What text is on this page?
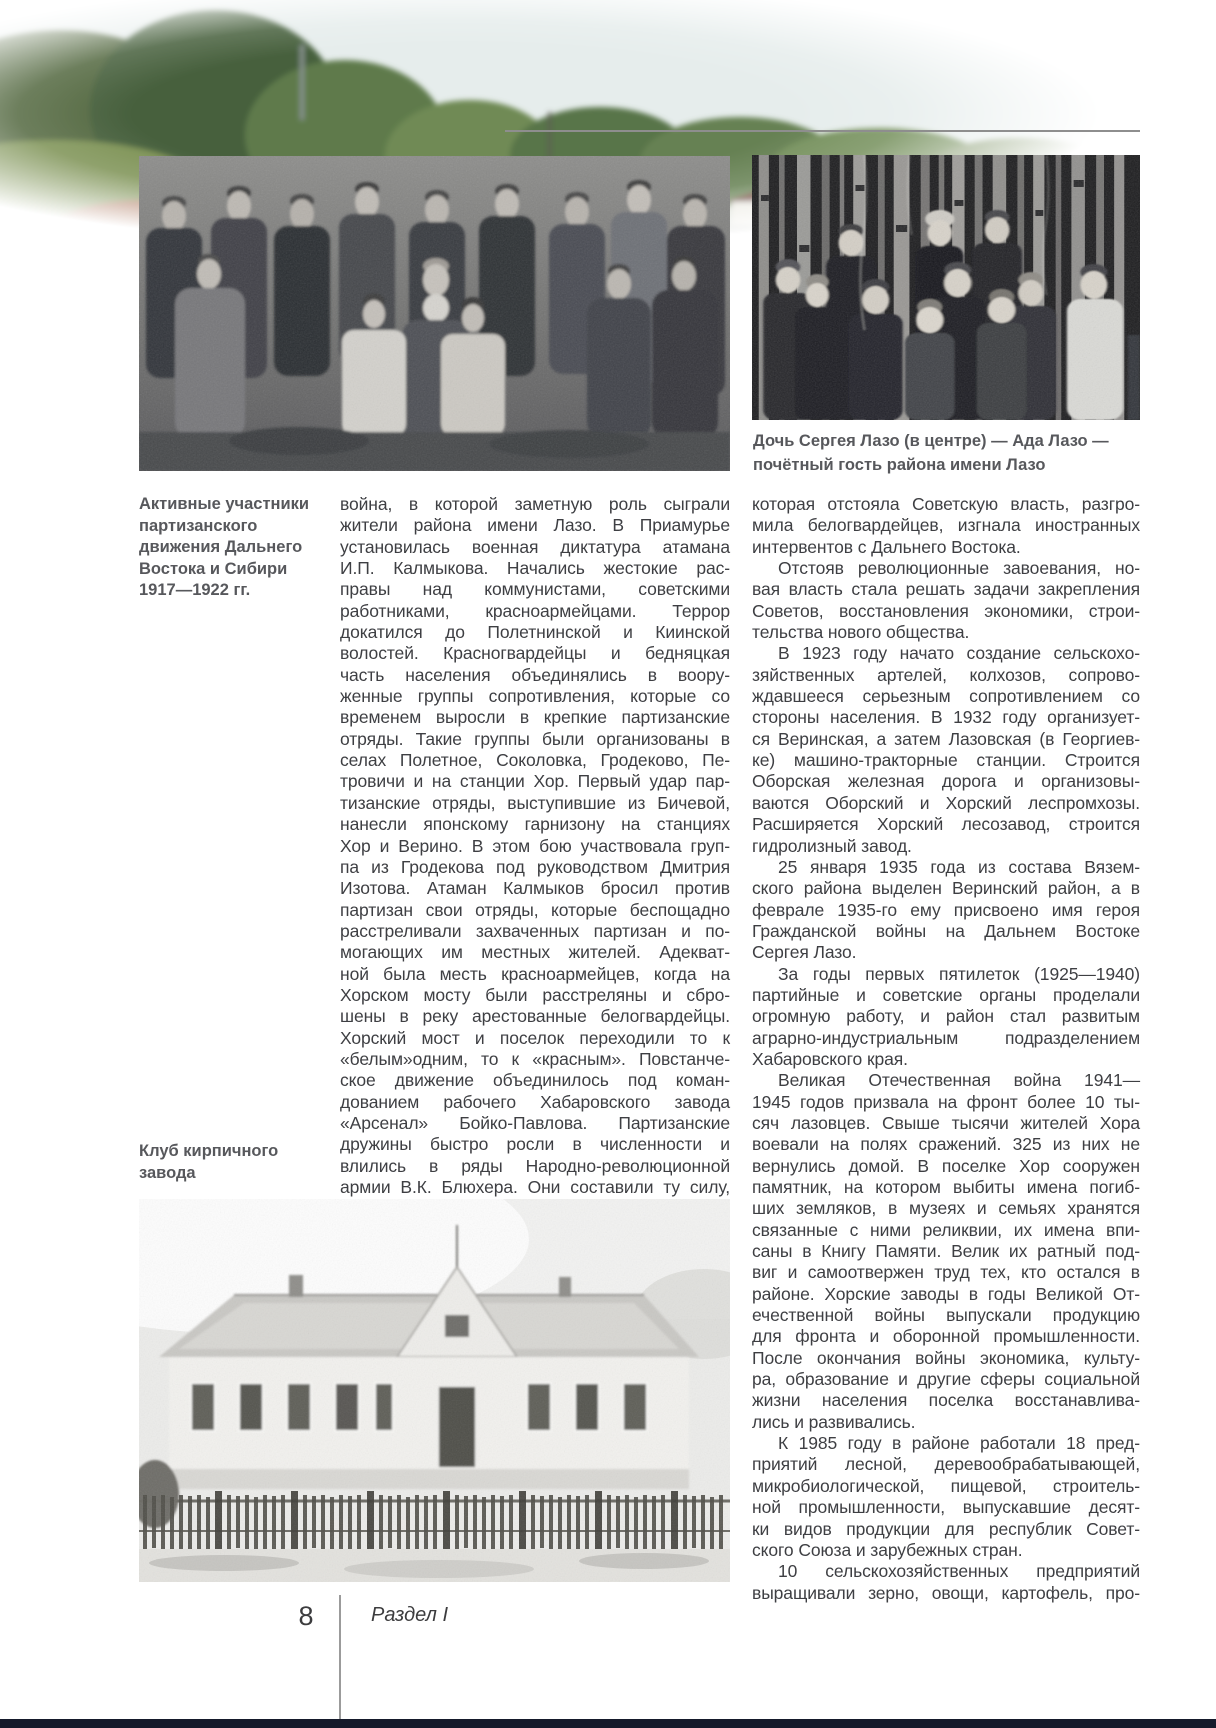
Дочь Сергея Лазо (в центре) — Ада Лазо —
почётный гость района имени Лазо
Активные участники
партизанского
движения Дальнего
Востока и Сибири
1917—1922 гг.
война, в которой заметную роль сыграли
жители района имени Лазо. В Приамурье
установилась военная диктатура атамана
И.П. Калмыкова. Начались жестокие рас-
правы над коммунистами, советскими
работниками, красноармейцами. Террор
докатился до Полетнинской и Киинской
волостей. Красногвардейцы и бедняцкая
часть населения объединялись в воору-
женные группы сопротивления, которые со
временем выросли в крепкие партизанские
отряды. Такие группы были организованы в
селах Полетное, Соколовка, Гродеково, Пе-
тровичи и на станции Хор. Первый удар пар-
тизанские отряды, выступившие из Бичевой,
нанесли японскому гарнизону на станциях
Хор и Верино. В этом бою участвовала груп-
па из Гродекова под руководством Дмитрия
Изотова. Атаман Калмыков бросил против
партизан свои отряды, которые беспощадно
расстреливали захваченных партизан и по-
могающих им местных жителей. Адекват-
ной была месть красноармейцев, когда на
Хорском мосту были расстреляны и сбро-
шены в реку арестованные белогвардейцы.
Хорский мост и поселок переходили то к
«белым»одним, то к «красным». Повстанче-
ское движение объединилось под коман-
дованием рабочего Хабаровского завода
«Арсенал» Бойко-Павлова. Партизанские
дружины быстро росли в численности и
влились в ряды Народно-революционной
армии В.К. Блюхера. Они составили ту силу,
которая отстояла Советскую власть, разгро-
мила белогвардейцев, изгнала иностранных
интервентов с Дальнего Востока.
Отстояв революционные завоевания, но-
вая власть стала решать задачи закрепления
Советов, восстановления экономики, строи-
тельства нового общества.
В 1923 году начато создание сельскохо-
зяйственных артелей, колхозов, сопрово-
ждавшееся серьезным сопротивлением со
стороны населения. В 1932 году организует-
ся Веринская, а затем Лазовская (в Георгиев-
ке) машино-тракторные станции. Строится
Оборская железная дорога и организовы-
ваются Оборский и Хорский леспромхозы.
Расширяется Хорский лесозавод, строится
гидролизный завод.
25 января 1935 года из состава Вязем-
ского района выделен Веринский район, а в
феврале 1935-го ему присвоено имя героя
Гражданской войны на Дальнем Востоке
Сергея Лазо.
За годы первых пятилеток (1925—1940)
партийные и советские органы проделали
огромную работу, и район стал развитым
аграрно-индустриальным подразделением
Хабаровского края.
Великая Отечественная война 1941—
1945 годов призвала на фронт более 10 ты-
сяч лазовцев. Свыше тысячи жителей Хора
воевали на полях сражений. 325 из них не
вернулись домой. В поселке Хор сооружен
памятник, на котором выбиты имена погиб-
ших земляков, в музеях и семьях хранятся
связанные с ними реликвии, их имена впи-
саны в Книгу Памяти. Велик их ратный под-
виг и самоотвержен труд тех, кто остался в
районе. Хорские заводы в годы Великой От-
ечественной войны выпускали продукцию
для фронта и оборонной промышленности.
После окончания войны экономика, культу-
ра, образование и другие сферы социальной
жизни населения поселка восстанавлива-
лись и развивались.
К 1985 году в районе работали 18 пред-
приятий лесной, деревообрабатывающей,
микробиологической, пищевой, строитель-
ной промышленности, выпускавшие десят-
ки видов продукции для республик Совет-
ского Союза и зарубежных стран.
10 сельскохозяйственных предприятий
выращивали зерно, овощи, картофель, про-
Клуб кирпичного
завода
8	Раздел I
